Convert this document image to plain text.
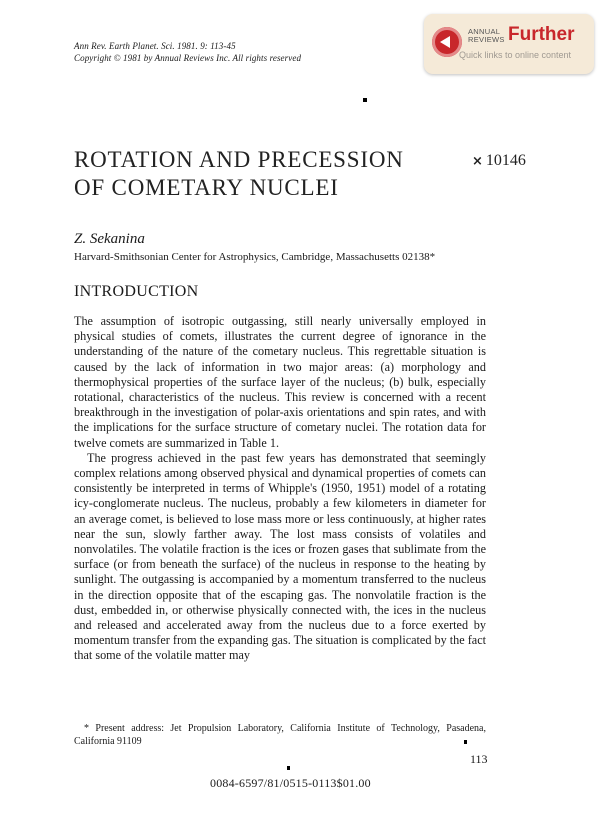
Ann Rev. Earth Planet. Sci. 1981. 9: 113-45
Copyright © 1981 by Annual Reviews Inc. All rights reserved
ANNUAL
REVIEWS Further
Quick links to online content
ROTATION AND PRECESSION
OF COMETARY NUCLEI
× 10146
Z. Sekanina
Harvard-Smithsonian Center for Astrophysics, Cambridge, Massachusetts 02138*
INTRODUCTION

The assumption of isotropic outgassing, still nearly universally employed in physical studies of comets, illustrates the current degree of ignorance in the understanding of the nature of the cometary nucleus. This regrettable situation is caused by the lack of information in two major areas: (a) morphology and thermophysical properties of the surface layer of the nucleus; (b) bulk, especially rotational, characteristics of the nucleus. This review is concerned with a recent breakthrough in the investigation of polar-axis orientations and spin rates, and with the implications for the surface structure of cometary nuclei. The rotation data for twelve comets are summarized in Table 1.

The progress achieved in the past few years has demonstrated that seemingly complex relations among observed physical and dynamical properties of comets can consistently be interpreted in terms of Whipple's (1950, 1951) model of a rotating icy-conglomerate nucleus. The nucleus, probably a few kilometers in diameter for an average comet, is believed to lose mass more or less continuously, at higher rates near the sun, slowly farther away. The lost mass consists of volatiles and nonvolatiles. The volatile fraction is the ices or frozen gases that sublimate from the surface (or from beneath the surface) of the nucleus in response to the heating by sunlight. The outgassing is accompanied by a momentum transferred to the nucleus in the direction opposite that of the escaping gas. The nonvolatile fraction is the dust, embedded in, or otherwise physically connected with, the ices in the nucleus and released and accelerated away from the nucleus due to a force exerted by momentum transfer from the expanding gas. The situation is complicated by the fact that some of the volatile matter may

* Present address: Jet Propulsion Laboratory, California Institute of Technology, Pasadena, California 91109
113
0084-6597/81/0515-0113$01.00
